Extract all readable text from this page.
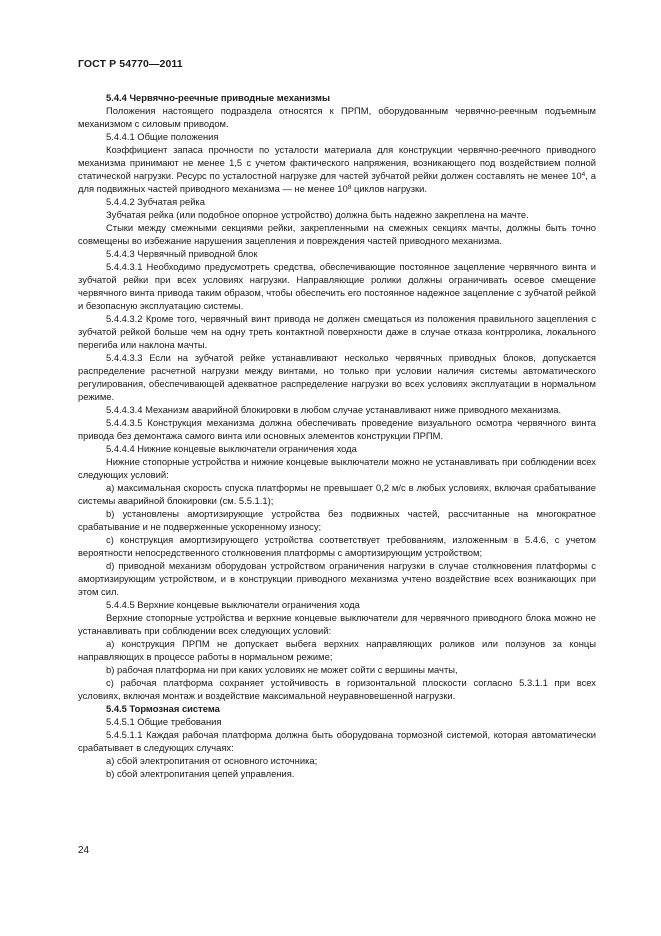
ГОСТ Р 54770—2011

5.4.4 Червячно-реечные приводные механизмы

Положения настоящего подраздела относятся к ПРПМ, оборудованным червячно-реечным подъемным механизмом с силовым приводом.

5.4.4.1 Общие положения

Коэффициент запаса прочности по усталости материала для конструкции червячно-реечного приводного механизма принимают не менее 1,5 с учетом фактического напряжения, возникающего под воздействием полной статической нагрузки. Ресурс по усталостной нагрузке для частей зубчатой рейки должен составлять не менее $10^4$, а для подвижных частей приводного механизма — не менее $10^8$ циклов нагрузки.

5.4.4.2 Зубчатая рейка

Зубчатая рейка (или подобное опорное устройство) должна быть надежно закреплена на мачте.

Стыки между смежными секциями рейки, закрепленными на смежных секциях мачты, должны быть точно совмещены во избежание нарушения зацепления и повреждения частей приводного механизма.

5.4.4.3 Червячный приводной блок

5.4.4.3.1 Необходимо предусмотреть средства, обеспечивающие постоянное зацепление червячного винта и зубчатой рейки при всех условиях нагрузки. Направляющие ролики должны ограничивать осевое смещение червячного винта привода таким образом, чтобы обеспечить его постоянное надежное зацепление с зубчатой рейкой и безопасную эксплуатацию системы.

5.4.4.3.2 Кроме того, червячный винт привода не должен смещаться из положения правильного зацепления с зубчатой рейкой больше чем на одну треть контактной поверхности даже в случае отказа контрролика, локального перегиба или наклона мачты.

5.4.4.3.3 Если на зубчатой рейке устанавливают несколько червячных приводных блоков, допускается распределение расчетной нагрузки между винтами, но только при условии наличия системы автоматического регулирования, обеспечивающей адекватное распределение нагрузки во всех условиях эксплуатации в нормальном режиме.

5.4.4.3.4 Механизм аварийной блокировки в любом случае устанавливают ниже приводного механизма.

5.4.4.3.5 Конструкция механизма должна обеспечивать проведение визуального осмотра червячного винта привода без демонтажа самого винта или основных элементов конструкции ПРПМ.

5.4.4.4 Нижние концевые выключатели ограничения хода

Нижние стопорные устройства и нижние концевые выключатели можно не устанавливать при соблюдении всех следующих условий:

а) максимальная скорость спуска платформы не превышает 0,2 м/с в любых условиях, включая срабатывание системы аварийной блокировки (см. 5.5.1.1);

b) установлены амортизирующие устройства без подвижных частей, рассчитанные на многократное срабатывание и не подверженные ускоренному износу;

c) конструкция амортизирующего устройства соответствует требованиям, изложенным в 5.4.6, с учетом вероятности непосредственного столкновения платформы с амортизирующим устройством;

d) приводной механизм оборудован устройством ограничения нагрузки в случае столкновения платформы с амортизирующим устройством, и в конструкции приводного механизма учтено воздействие всех возникающих при этом сил.

5.4.4.5 Верхние концевые выключатели ограничения хода

Верхние стопорные устройства и верхние концевые выключатели для червячного приводного блока можно не устанавливать при соблюдении всех следующих условий:

а) конструкция ПРПМ не допускает выбега верхних направляющих роликов или ползунов за концы направляющих в процессе работы в нормальном режиме;

b) рабочая платформа ни при каких условиях не может сойти с вершины мачты,

c) рабочая платформа сохраняет устойчивость в горизонтальной плоскости согласно 5.3.1.1 при всех условиях, включая монтаж и воздействие максимальной неуравновешенной нагрузки.

5.4.5 Тормозная система

5.4.5.1 Общие требования

5.4.5.1.1 Каждая рабочая платформа должна быть оборудована тормозной системой, которая автоматически срабатывает в следующих случаях:

а) сбой электропитания от основного источника;

b) сбой электропитания цепей управления.

24
